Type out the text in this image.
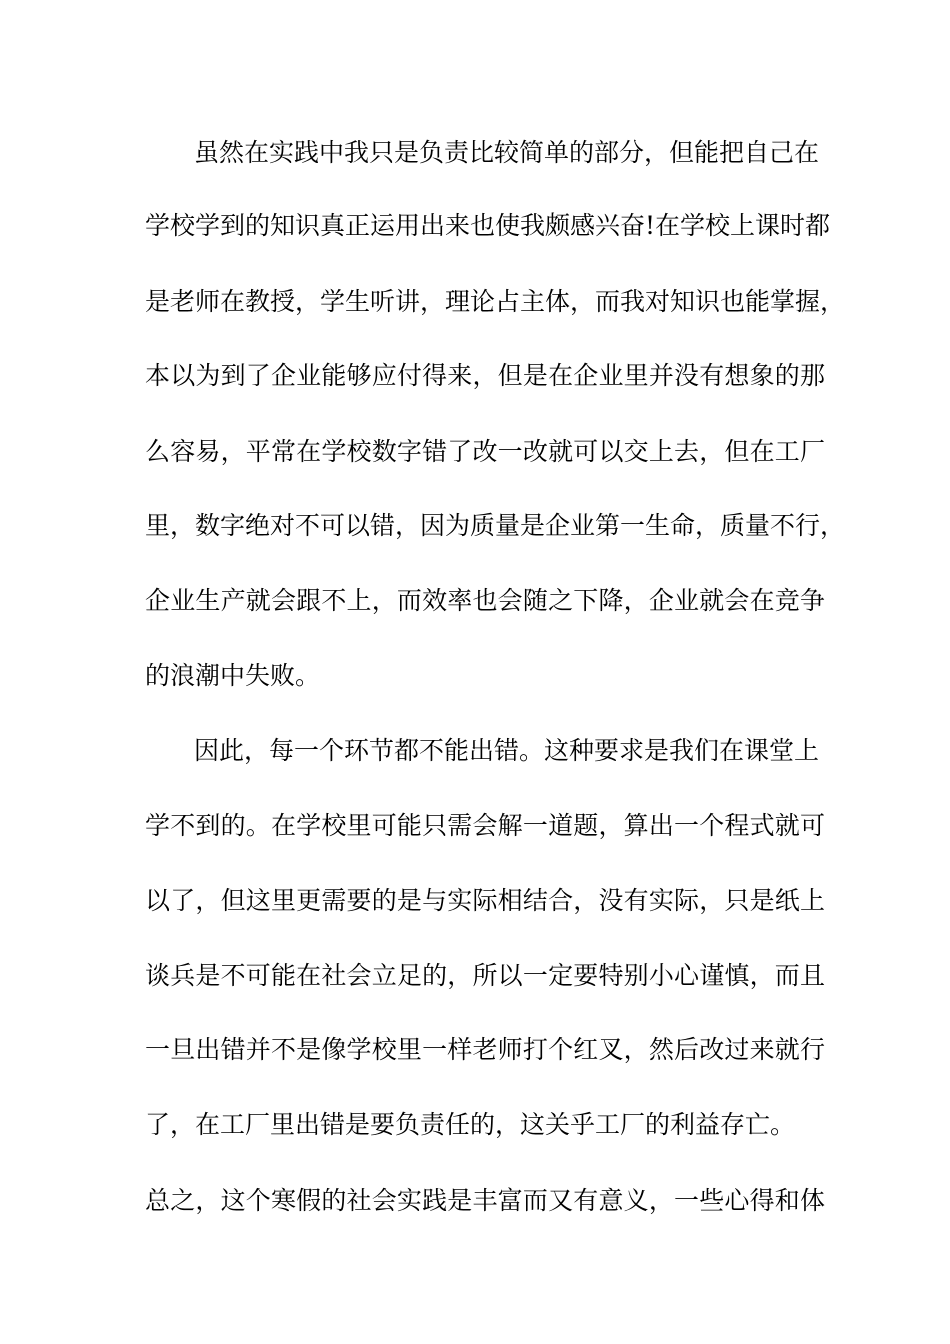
虽然在实践中我只是负责比较简单的部分，但能把自己在

学校学到的知识真正运用出来也使我颇感兴奋!在学校上课时都

是老师在教授，学生听讲，理论占主体，而我对知识也能掌握，

本以为到了企业能够应付得来，但是在企业里并没有想象的那

么容易，平常在学校数字错了改一改就可以交上去，但在工厂

里，数字绝对不可以错，因为质量是企业第一生命，质量不行，

企业生产就会跟不上，而效率也会随之下降，企业就会在竞争

的浪潮中失败。

因此，每一个环节都不能出错。这种要求是我们在课堂上

学不到的。在学校里可能只需会解一道题，算出一个程式就可

以了，但这里更需要的是与实际相结合，没有实际，只是纸上

谈兵是不可能在社会立足的，所以一定要特别小心谨慎，而且

一旦出错并不是像学校里一样老师打个红叉，然后改过来就行

了，在工厂里出错是要负责任的，这关乎工厂的利益存亡。

总之，这个寒假的社会实践是丰富而又有意义，一些心得和体
